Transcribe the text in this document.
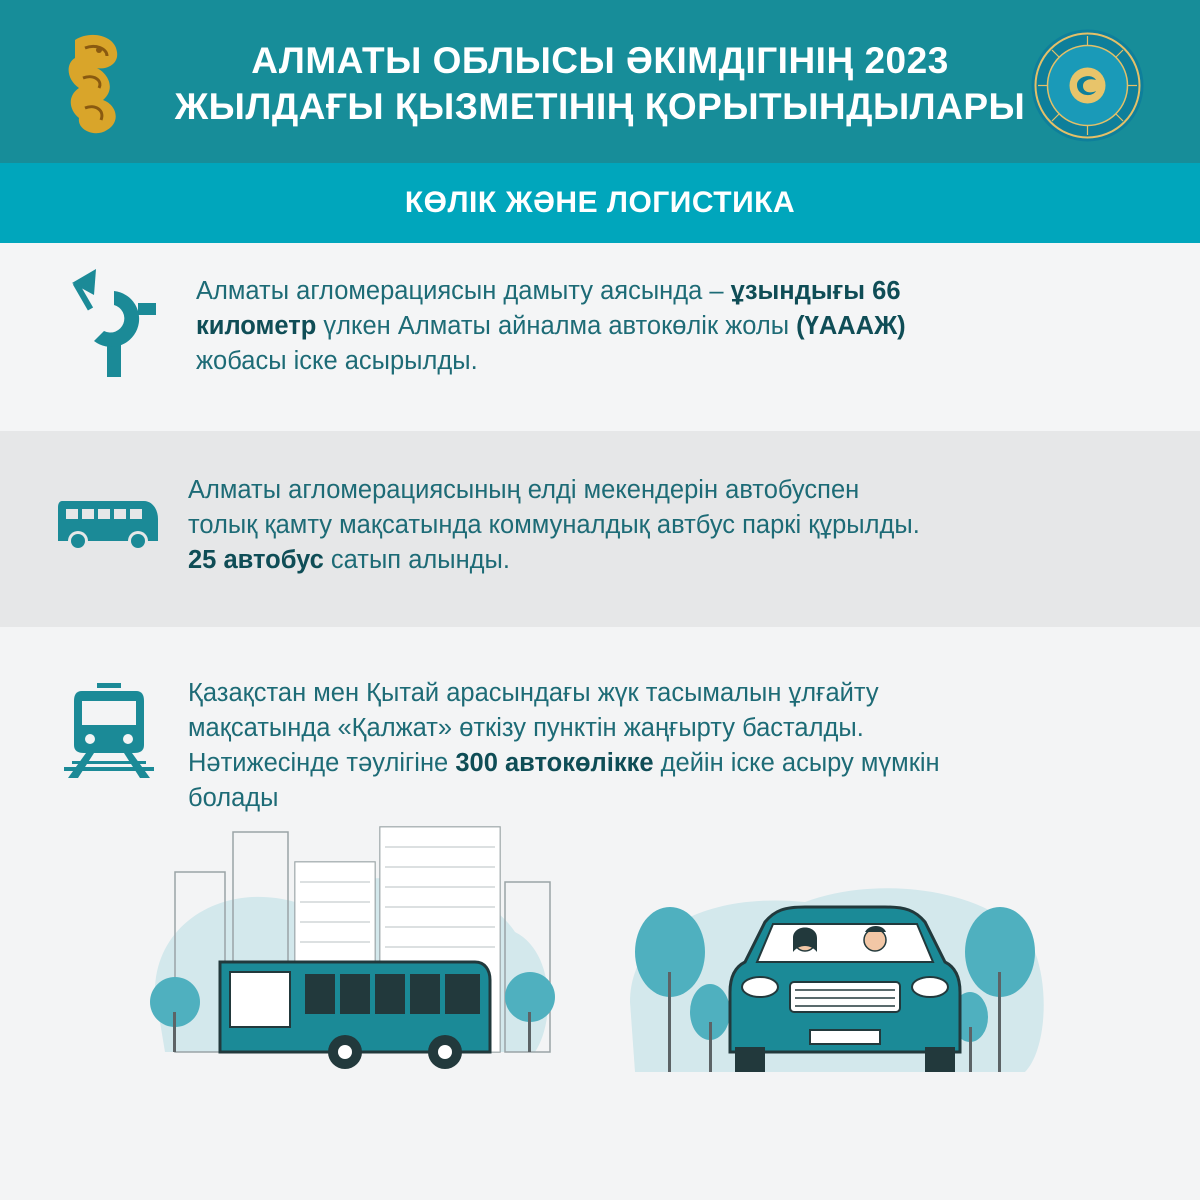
АЛМАТЫ ОБЛЫСЫ ӘКІМДІГІНІҢ 2023
ЖЫЛДАҒЫ ҚЫЗМЕТІНІҢ ҚОРЫТЫНДЫЛАРЫ
КӨЛІК ЖӘНЕ ЛОГИСТИКА
Алматы агломерациясын дамыту аясында – ұзындығы 66
километр үлкен Алматы айналма автокөлік жолы (ҮАААЖ)
жобасы іске асырылды.
Алматы агломерациясының елді мекендерін автобуспен
толық қамту мақсатында коммуналдық автбус паркі құрылды.
25 автобус сатып алынды.
Қазақстан мен Қытай арасындағы жүк тасымалын ұлғайту
мақсатында «Қалжат» өткізу пунктін жаңғырту басталды.
Нәтижесінде тәулігіне 300 автокөлікке дейін іске асыру мүмкін
болады
